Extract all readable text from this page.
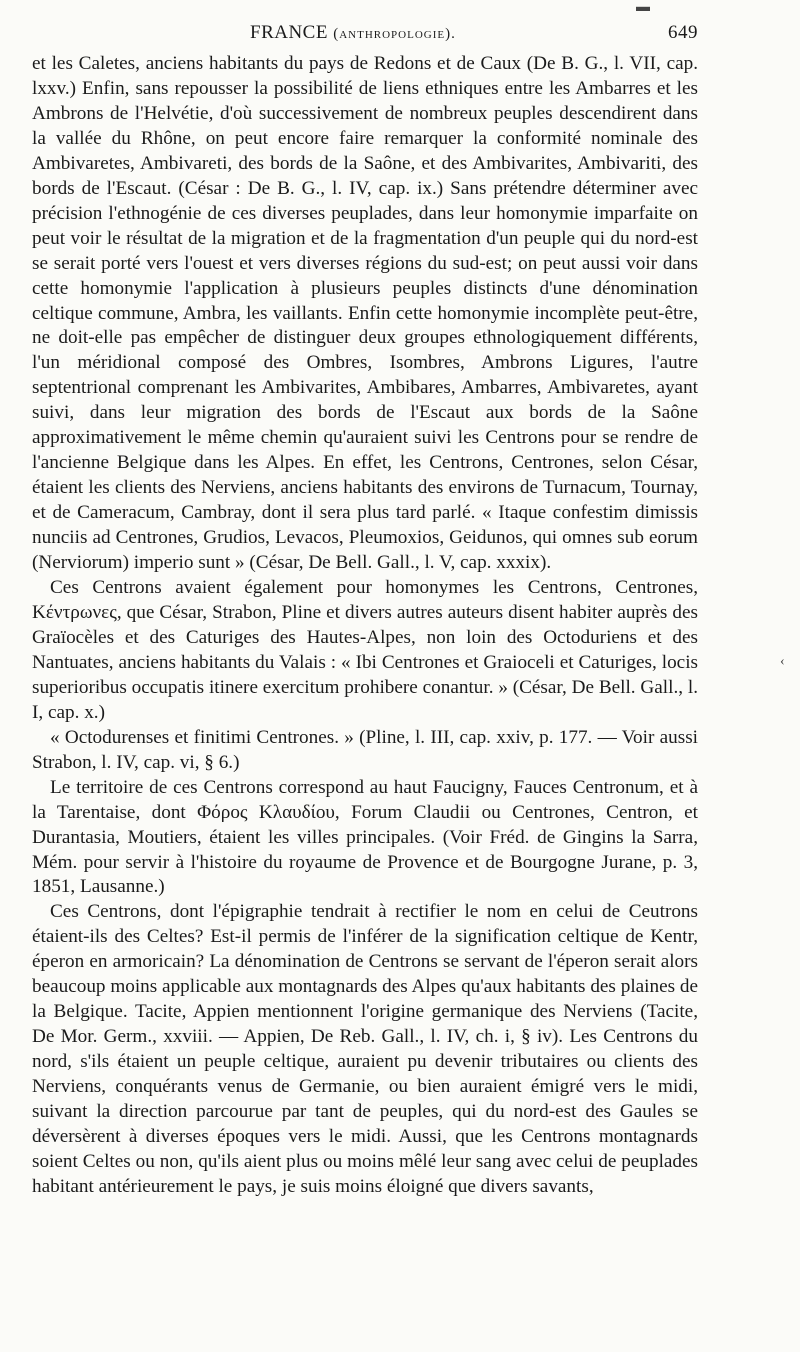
FRANCE (anthropologie).	649

et les Caletes, anciens habitants du pays de Redons et de Caux (De B. G., l. VII, cap. lxxv.) Enfin, sans repousser la possibilité de liens ethniques entre les Ambarres et les Ambrons de l'Helvétie, d'où successivement de nombreux peuples descendirent dans la vallée du Rhône, on peut encore faire remarquer la conformité nominale des Ambivaretes, Ambivareti, des bords de la Saône, et des Ambivarites, Ambivariti, des bords de l'Escaut. (César : De B. G., l. IV, cap. ix.) Sans prétendre déterminer avec précision l'ethnogénie de ces diverses peuplades, dans leur homonymie imparfaite on peut voir le résultat de la migration et de la fragmentation d'un peuple qui du nord-est se serait porté vers l'ouest et vers diverses régions du sud-est; on peut aussi voir dans cette homonymie l'application à plusieurs peuples distincts d'une dénomination celtique commune, Ambra, les vaillants. Enfin cette homonymie incomplète peut-être, ne doit-elle pas empêcher de distinguer deux groupes ethnologiquement différents, l'un méridional composé des Ombres, Isombres, Ambrons Ligures, l'autre septentrional comprenant les Ambivarites, Ambibares, Ambarres, Ambivaretes, ayant suivi, dans leur migration des bords de l'Escaut aux bords de la Saône approximativement le même chemin qu'auraient suivi les Centrons pour se rendre de l'ancienne Belgique dans les Alpes. En effet, les Centrons, Centrones, selon César, étaient les clients des Nerviens, anciens habitants des environs de Turnacum, Tournay, et de Cameracum, Cambray, dont il sera plus tard parlé. « Itaque confestim dimissis nunciis ad Centrones, Grudios, Levacos, Pleumoxios, Geidunos, qui omnes sub eorum (Nerviorum) imperio sunt » (César, De Bell. Gall., l. V, cap. xxxix).

Ces Centrons avaient également pour homonymes les Centrons, Centrones, Κέντρωνες, que César, Strabon, Pline et divers autres auteurs disent habiter auprès des Graïocèles et des Caturiges des Hautes-Alpes, non loin des Octoduriens et des Nantuates, anciens habitants du Valais : « Ibi Centrones et Graioceli et Caturiges, locis superioribus occupatis itinere exercitum prohibere conantur. » (César, De Bell. Gall., l. I, cap. x.)

« Octodurenses et finitimi Centrones. » (Pline, l. III, cap. xxiv, p. 177. — Voir aussi Strabon, l. IV, cap. vi, § 6.)

Le territoire de ces Centrons correspond au haut Faucigny, Fauces Centronum, et à la Tarentaise, dont Φόρος Κλαυδίου, Forum Claudii ou Centrones, Centron, et Durantasia, Moutiers, étaient les villes principales. (Voir Fréd. de Gingins la Sarra, Mém. pour servir à l'histoire du royaume de Provence et de Bourgogne Jurane, p. 3, 1851, Lausanne.)

Ces Centrons, dont l'épigraphie tendrait à rectifier le nom en celui de Ceutrons étaient-ils des Celtes? Est-il permis de l'inférer de la signification celtique de Kentr, éperon en armoricain? La dénomination de Centrons se servant de l'éperon serait alors beaucoup moins applicable aux montagnards des Alpes qu'aux habitants des plaines de la Belgique. Tacite, Appien mentionnent l'origine germanique des Nerviens (Tacite, De Mor. Germ., xxviii. — Appien, De Reb. Gall., l. IV, ch. i, § iv). Les Centrons du nord, s'ils étaient un peuple celtique, auraient pu devenir tributaires ou clients des Nerviens, conquérants venus de Germanie, ou bien auraient émigré vers le midi, suivant la direction parcourue par tant de peuples, qui du nord-est des Gaules se déversèrent à diverses époques vers le midi. Aussi, que les Centrons montagnards soient Celtes ou non, qu'ils aient plus ou moins mêlé leur sang avec celui de peuplades habitant antérieurement le pays, je suis moins éloigné que divers savants,

▬
‹
